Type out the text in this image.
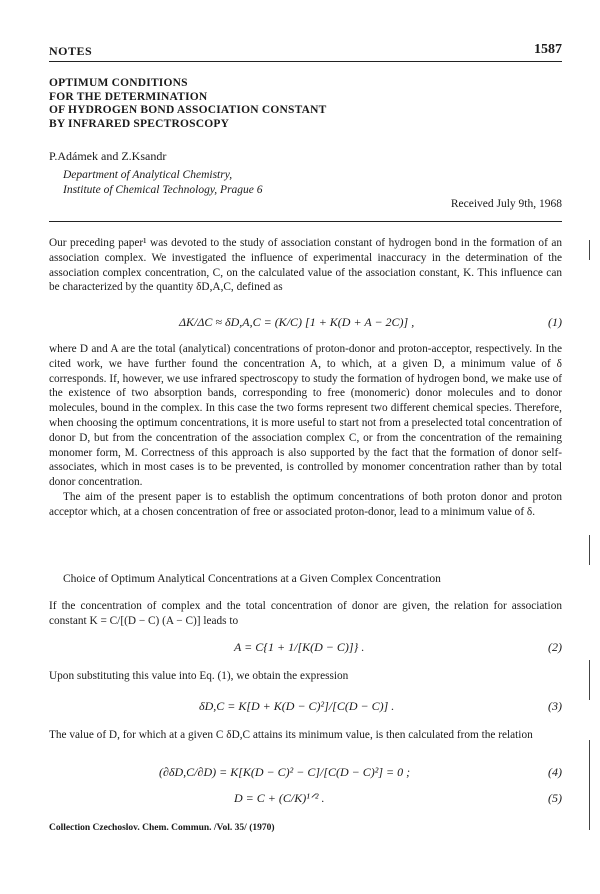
NOTES	1587
OPTIMUM CONDITIONS
FOR THE DETERMINATION
OF HYDROGEN BOND ASSOCIATION CONSTANT
BY INFRARED SPECTROSCOPY
P.Adámek and Z.Ksandr
Department of Analytical Chemistry,
Institute of Chemical Technology, Prague 6
Received July 9th, 1968

Our preceding paper¹ was devoted to the study of association constant of hydrogen bond in the formation of an association complex. We investigated the influence of experimental inaccuracy in the determination of the association complex concentration, C, on the calculated value of the association constant, K. This influence can be characterized by the quantity δD,A,C, defined as

ΔK/ΔC ≈ δD,A,C = (K/C) [1 + K(D + A − 2C)] ,	(1)

where D and A are the total (analytical) concentrations of proton-donor and proton-acceptor, respectively. In the cited work, we have further found the concentration A, to which, at a given D, a minimum value of δ corresponds. If, however, we use infrared spectroscopy to study the formation of hydrogen bond, we make use of the existence of two absorption bands, corresponding to free (monomeric) donor molecules and to donor molecules, bound in the complex. In this case the two forms represent two different chemical species. Therefore, when choosing the optimum concentrations, it is more useful to start not from a preselected total concentration of donor D, but from the concentration of the association complex C, or from the concentration of the remaining monomer form, M. Correctness of this approach is also supported by the fact that the formation of donor self-associates, which in most cases is to be prevented, is controlled by monomer concentration rather than by total donor concentration.

The aim of the present paper is to establish the optimum concentrations of both proton donor and proton acceptor which, at a chosen concentration of free or associated proton-donor, lead to a minimum value of δ.

Choice of Optimum Analytical Concentrations at a Given Complex Concentration

If the concentration of complex and the total concentration of donor are given, the relation for association constant K = C/[(D − C) (A − C)] leads to

A = C{1 + 1/[K(D − C)]} .	(2)

Upon substituting this value into Eq. (1), we obtain the expression

δD,C = K[D + K(D − C)²]/[C(D − C)] .	(3)

The value of D, for which at a given C δD,C attains its minimum value, is then calculated from the relation

(∂δD,C/∂D) = K[K(D − C)² − C]/[C(D − C)²] = 0 ;	(4)
D = C + (C/K)¹ᐟ² .	(5)
Collection Czechoslov. Chem. Commun. /Vol. 35/ (1970)
